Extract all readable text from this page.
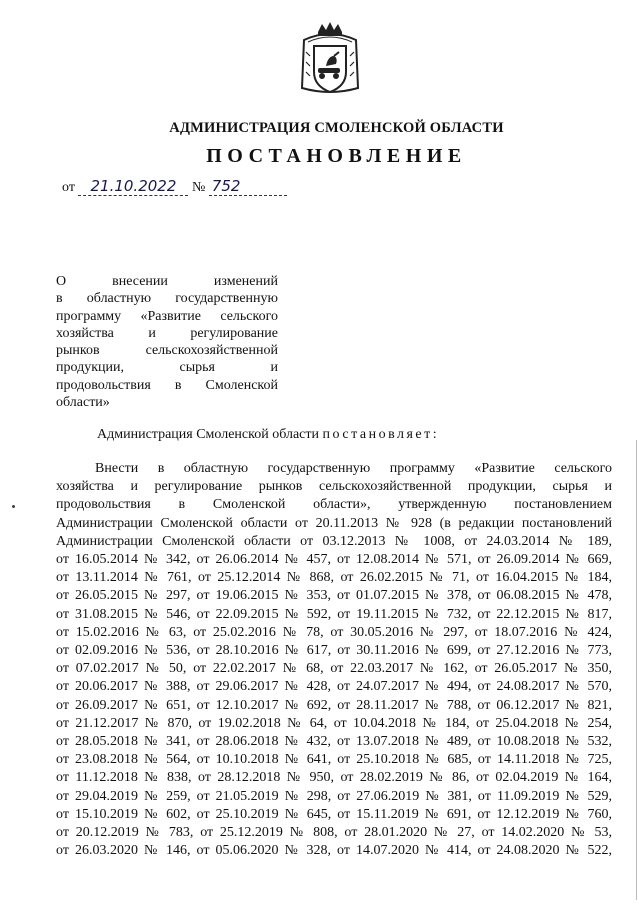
АДМИНИСТРАЦИЯ СМОЛЕНСКОЙ ОБЛАСТИ
ПОСТАНОВЛЕНИЕ
от 21.10.2022 № 752
О внесении изменений
в областную государственную
программу «Развитие сельского
хозяйства и регулирование
рынков сельскохозяйственной
продукции, сырья и
продовольствия в Смоленской
области»
Администрация Смоленской области постановляет:
Внести в областную государственную программу «Развитие сельского
хозяйства и регулирование рынков сельскохозяйственной продукции, сырья и
продовольствия в Смоленской области», утвержденную постановлением
Администрации Смоленской области от 20.11.2013 № 928 (в редакции постановлений
Администрации Смоленской области от 03.12.2013 № 1008, от 24.03.2014 № 189,
от 16.05.2014 № 342, от 26.06.2014 № 457, от 12.08.2014 № 571, от 26.09.2014 № 669,
от 13.11.2014 № 761, от 25.12.2014 № 868, от 26.02.2015 № 71, от 16.04.2015 № 184,
от 26.05.2015 № 297, от 19.06.2015 № 353, от 01.07.2015 № 378, от 06.08.2015 № 478,
от 31.08.2015 № 546, от 22.09.2015 № 592, от 19.11.2015 № 732, от 22.12.2015 № 817,
от 15.02.2016 № 63, от 25.02.2016 № 78, от 30.05.2016 № 297, от 18.07.2016 № 424,
от 02.09.2016 № 536, от 28.10.2016 № 617, от 30.11.2016 № 699, от 27.12.2016 № 773,
от 07.02.2017 № 50, от 22.02.2017 № 68, от 22.03.2017 № 162, от 26.05.2017 № 350,
от 20.06.2017 № 388, от 29.06.2017 № 428, от 24.07.2017 № 494, от 24.08.2017 № 570,
от 26.09.2017 № 651, от 12.10.2017 № 692, от 28.11.2017 № 788, от 06.12.2017 № 821,
от 21.12.2017 № 870, от 19.02.2018 № 64, от 10.04.2018 № 184, от 25.04.2018 № 254,
от 28.05.2018 № 341, от 28.06.2018 № 432, от 13.07.2018 № 489, от 10.08.2018 № 532,
от 23.08.2018 № 564, от 10.10.2018 № 641, от 25.10.2018 № 685, от 14.11.2018 № 725,
от 11.12.2018 № 838, от 28.12.2018 № 950, от 28.02.2019 № 86, от 02.04.2019 № 164,
от 29.04.2019 № 259, от 21.05.2019 № 298, от 27.06.2019 № 381, от 11.09.2019 № 529,
от 15.10.2019 № 602, от 25.10.2019 № 645, от 15.11.2019 № 691, от 12.12.2019 № 760,
от 20.12.2019 № 783, от 25.12.2019 № 808, от 28.01.2020 № 27, от 14.02.2020 № 53,
от 26.03.2020 № 146, от 05.06.2020 № 328, от 14.07.2020 № 414, от 24.08.2020 № 522,
